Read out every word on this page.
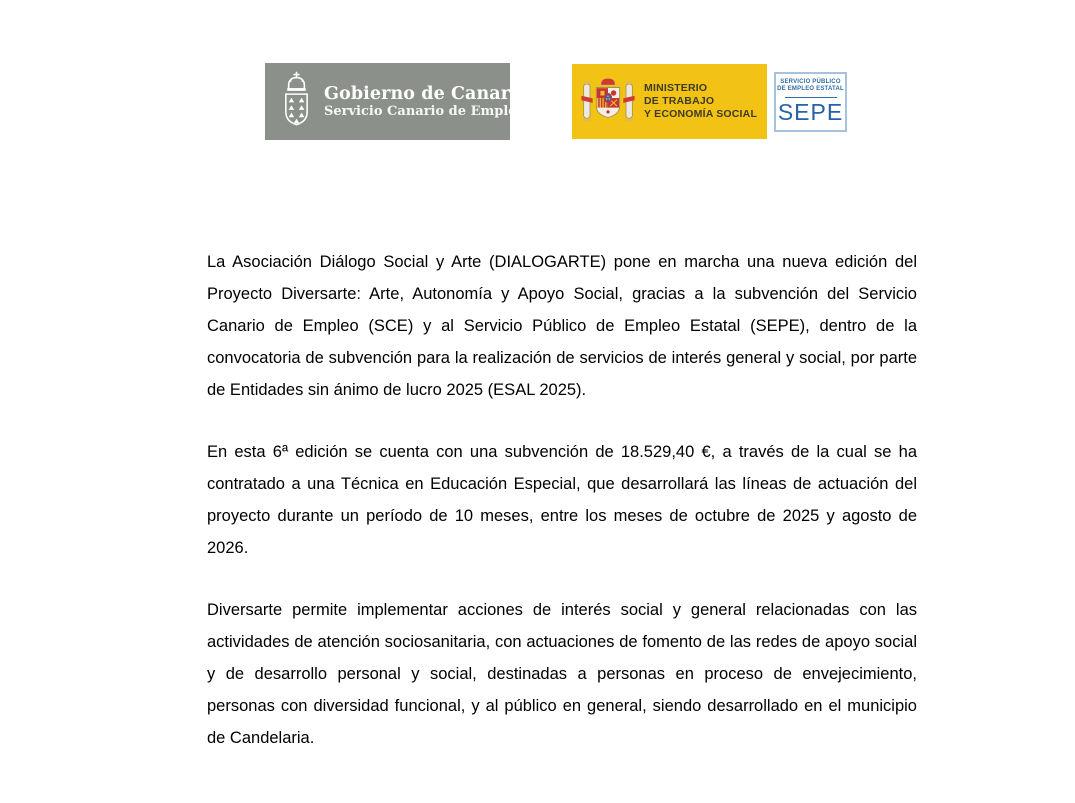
Gobierno de Canarias
Servicio Canario de Empleo
MINISTERIO
DE TRABAJO
Y ECONOMÍA SOCIAL
SERVICIO PÚBLICO
DE EMPLEO ESTATAL
SEPE

La Asociación Diálogo Social y Arte (DIALOGARTE) pone en marcha una nueva edición del Proyecto Diversarte: Arte, Autonomía y Apoyo Social, gracias a la subvención del Servicio Canario de Empleo (SCE) y al Servicio Público de Empleo Estatal (SEPE), dentro de la convocatoria de subvención para la realización de servicios de interés general y social, por parte de Entidades sin ánimo de lucro 2025 (ESAL 2025).

En esta 6ª edición se cuenta con una subvención de 18.529,40 €, a través de la cual se ha contratado a una Técnica en Educación Especial, que desarrollará las líneas de actuación del proyecto durante un período de 10 meses, entre los meses de octubre de 2025 y agosto de 2026.

Diversarte permite implementar acciones de interés social y general relacionadas con las actividades de atención sociosanitaria, con actuaciones de fomento de las redes de apoyo social y de desarrollo personal y social, destinadas a personas en proceso de envejecimiento, personas con diversidad funcional, y al público en general, siendo desarrollado en el municipio de Candelaria.
